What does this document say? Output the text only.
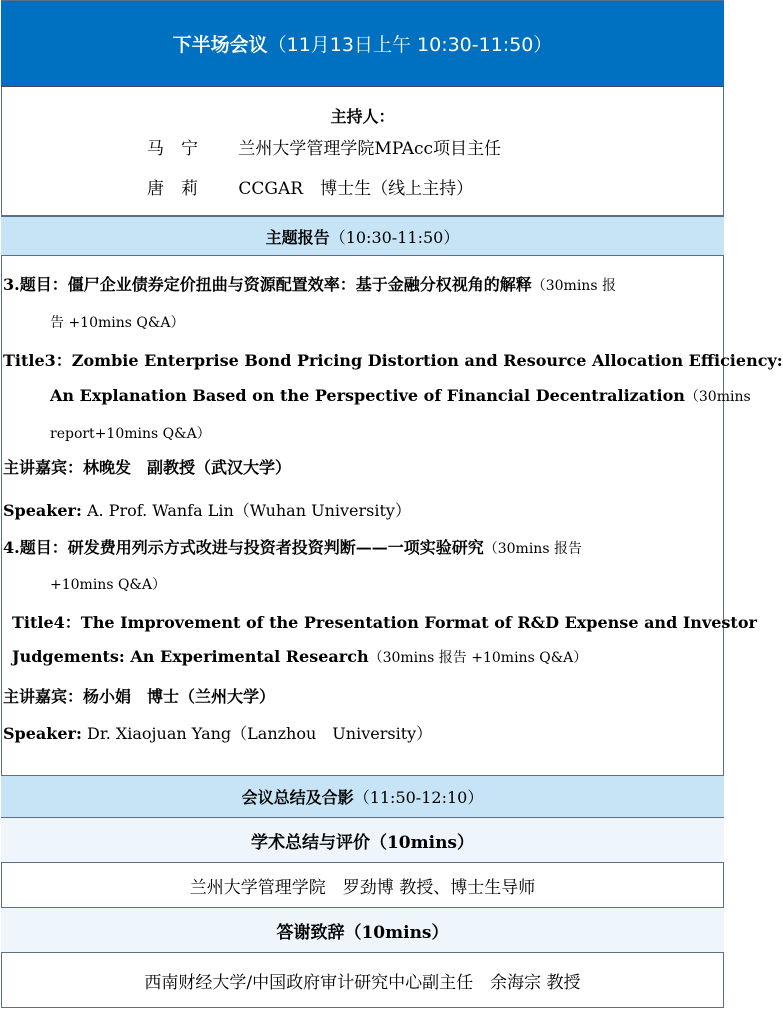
下半场会议 （11月13日上午 10:30-11:50）
主持人：
马　宁 兰州大学管理学院MPAcc项目主任
唐　莉 CCGAR　博士生（线上主持）
主题报告 （10:30-11:50）
3.题目：僵尸企业债券定价扭曲与资源配置效率：基于金融分权视角的解释（30mins 报
告 +10mins Q&A）
Title3：Zombie Enterprise Bond Pricing Distortion and Resource Allocation Efficiency:
An Explanation Based on the Perspective of Financial Decentralization（30mins
report+10mins Q&A）
主讲嘉宾：林晚发　副教授（武汉大学）
Speaker: A. Prof. Wanfa Lin（Wuhan University）
4.题目：研发费用列示方式改进与投资者投资判断——一项实验研究（30mins 报告
+10mins Q&A）
Title4：The Improvement of the Presentation Format of R&D Expense and Investor
Judgements: An Experimental Research（30mins 报告 +10mins Q&A）
主讲嘉宾：杨小娟　博士（兰州大学）
Speaker: Dr. Xiaojuan Yang（Lanzhou　University）
会议总结及合影 （11:50-12:10）
学术总结与评价 （10mins）
兰州大学管理学院　罗劲博 教授、博士生导师
答谢致辞 （10mins）
西南财经大学/中国政府审计研究中心副主任　余海宗 教授
